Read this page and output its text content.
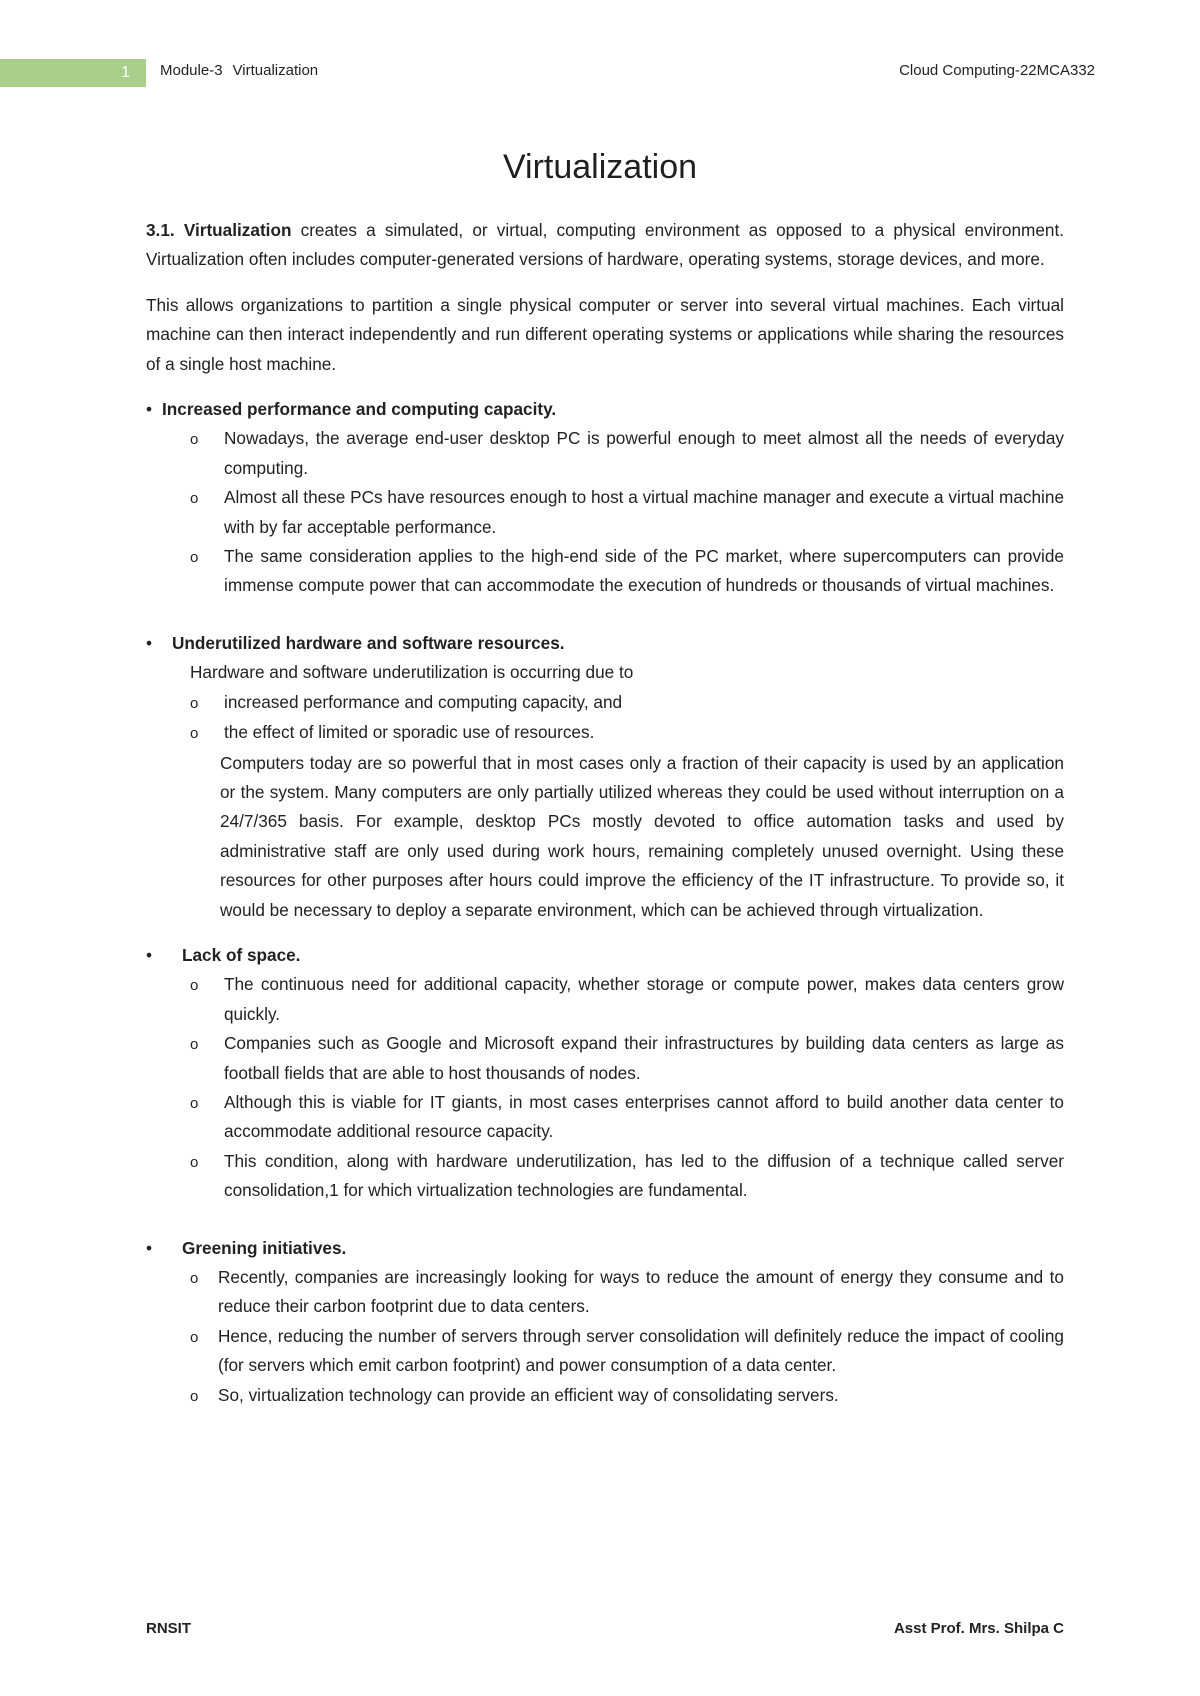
1	Module-3 Virtualization	Cloud Computing-22MCA332
Virtualization

3.1. Virtualization creates a simulated, or virtual, computing environment as opposed to a physical environment. Virtualization often includes computer-generated versions of hardware, operating systems, storage devices, and more.

This allows organizations to partition a single physical computer or server into several virtual machines. Each virtual machine can then interact independently and run different operating systems or applications while sharing the resources of a single host machine.

• Increased performance and computing capacity.
o	Nowadays, the average end-user desktop PC is powerful enough to meet almost all the needs of everyday computing.
o	Almost all these PCs have resources enough to host a virtual machine manager and execute a virtual machine with by far acceptable performance.
o	The same consideration applies to the high-end side of the PC market, where supercomputers can provide immense compute power that can accommodate the execution of hundreds or thousands of virtual machines.
•	Underutilized hardware and software resources.
Hardware and software underutilization is occurring due to
o	increased performance and computing capacity, and
o	the effect of limited or sporadic use of resources.

Computers today are so powerful that in most cases only a fraction of their capacity is used by an application or the system. Many computers are only partially utilized whereas they could be used without interruption on a 24/7/365 basis. For example, desktop PCs mostly devoted to office automation tasks and used by administrative staff are only used during work hours, remaining completely unused overnight. Using these resources for other purposes after hours could improve the efficiency of the IT infrastructure. To provide so, it would be necessary to deploy a separate environment, which can be achieved through virtualization.

•	Lack of space.
o	The continuous need for additional capacity, whether storage or compute power, makes data centers grow quickly.
o	Companies such as Google and Microsoft expand their infrastructures by building data centers as large as football fields that are able to host thousands of nodes.
o	Although this is viable for IT giants, in most cases enterprises cannot afford to build another data center to accommodate additional resource capacity.
o	This condition, along with hardware underutilization, has led to the diffusion of a technique called server consolidation,1 for which virtualization technologies are fundamental.
•	Greening initiatives.
o	Recently, companies are increasingly looking for ways to reduce the amount of energy they consume and to reduce their carbon footprint due to data centers.
o	Hence, reducing the number of servers through server consolidation will definitely reduce the impact of cooling (for servers which emit carbon footprint) and power consumption of a data center.
o	So, virtualization technology can provide an efficient way of consolidating servers.
RNSIT	Asst Prof. Mrs. Shilpa C
